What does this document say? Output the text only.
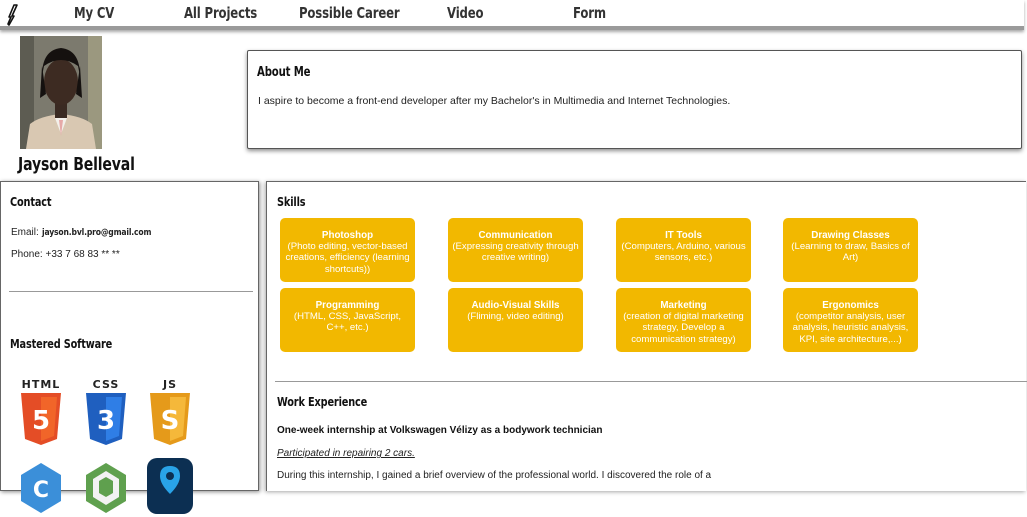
My CV	All Projects	Possible Career	Video	Form
Jayson Belleval
About Me
I aspire to become a front-end developer after my Bachelor's in Multimedia and Internet Technologies.
Contact
Email: jayson.bvl.pro@gmail.com
Phone: +33 7 68 83 ** **
Mastered Software
HTML
5
CSS
3
JS
S
C
Skills
Photoshop
(Photo editing, vector-based creations, efficiency (learning shortcuts))
Communication
(Expressing creativity through creative writing)
IT Tools
(Computers, Arduino, various sensors, etc.)
Drawing Classes
(Learning to draw, Basics of Art)
Programming
(HTML, CSS, JavaScript, C++, etc.)
Audio-Visual Skills
(Fliming, video editing)
Marketing
(creation of digital marketing strategy, Develop a communication strategy)
Ergonomics
(competitor analysis, user analysis, heuristic analysis, KPI, site architecture,...)
Work Experience
One-week internship at Volkswagen Vélizy as a bodywork technician
Participated in repairing 2 cars.
During this internship, I gained a brief overview of the professional world. I discovered the role of a
